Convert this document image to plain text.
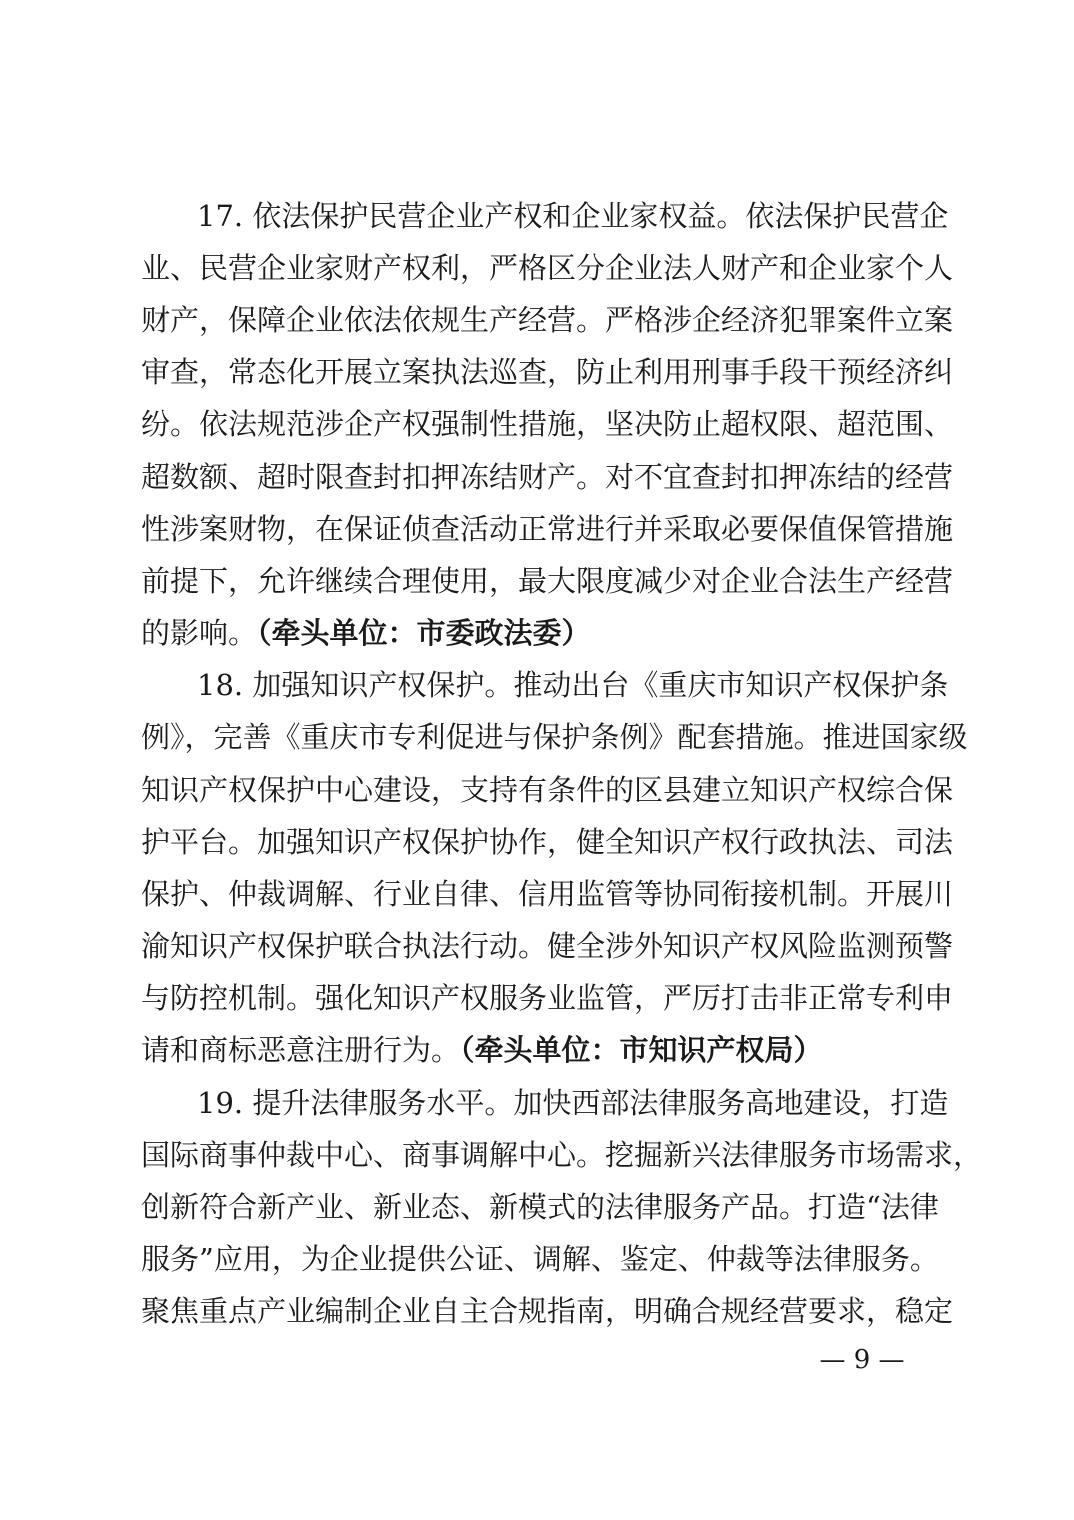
17. 依法保护民营企业产权和企业家权益。依法保护民营企
业、民营企业家财产权利，严格区分企业法人财产和企业家个人
财产，保障企业依法依规生产经营。严格涉企经济犯罪案件立案
审查，常态化开展立案执法巡查，防止利用刑事手段干预经济纠
纷。依法规范涉企产权强制性措施，坚决防止超权限、超范围、
超数额、超时限查封扣押冻结财产。对不宜查封扣押冻结的经营
性涉案财物，在保证侦查活动正常进行并采取必要保值保管措施
前提下，允许继续合理使用，最大限度减少对企业合法生产经营
的影响。（牵头单位：市委政法委）
18. 加强知识产权保护。推动出台《重庆市知识产权保护条
例》，完善《重庆市专利促进与保护条例》配套措施。推进国家级
知识产权保护中心建设，支持有条件的区县建立知识产权综合保
护平台。加强知识产权保护协作，健全知识产权行政执法、司法
保护、仲裁调解、行业自律、信用监管等协同衔接机制。开展川
渝知识产权保护联合执法行动。健全涉外知识产权风险监测预警
与防控机制。强化知识产权服务业监管，严厉打击非正常专利申
请和商标恶意注册行为。（牵头单位：市知识产权局）
19. 提升法律服务水平。加快西部法律服务高地建设，打造
国际商事仲裁中心、商事调解中心。挖掘新兴法律服务市场需求，
创新符合新产业、新业态、新模式的法律服务产品。打造“法律
服务”应用，为企业提供公证、调解、鉴定、仲裁等法律服务。
聚焦重点产业编制企业自主合规指南，明确合规经营要求，稳定
— 9 —
